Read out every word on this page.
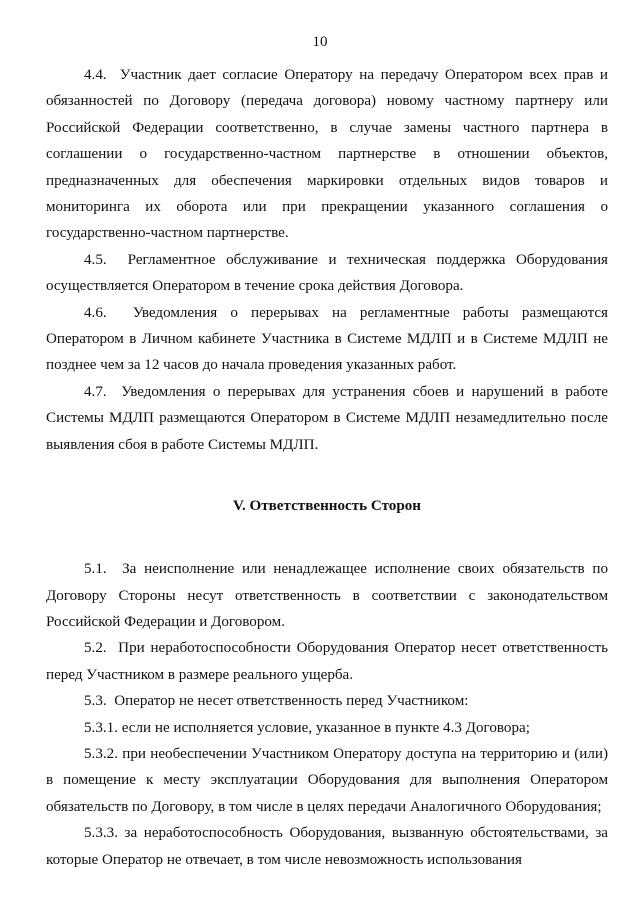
10

4.4.  Участник дает согласие Оператору на передачу Оператором всех прав и обязанностей по Договору (передача договора) новому частному партнеру или Российской Федерации соответственно, в случае замены частного партнера в соглашении о государственно-частном партнерстве в отношении объектов, предназначенных для обеспечения маркировки отдельных видов товаров и мониторинга их оборота или при прекращении указанного соглашения о государственно-частном партнерстве.

4.5.  Регламентное обслуживание и техническая поддержка Оборудования осуществляется Оператором в течение срока действия Договора.

4.6.  Уведомления о перерывах на регламентные работы размещаются Оператором в Личном кабинете Участника в Системе МДЛП и в Системе МДЛП не позднее чем за 12 часов до начала проведения указанных работ.

4.7.  Уведомления о перерывах для устранения сбоев и нарушений в работе Системы МДЛП размещаются Оператором в Системе МДЛП незамедлительно после выявления сбоя в работе Системы МДЛП.

V. Ответственность Сторон

5.1.  За неисполнение или ненадлежащее исполнение своих обязательств по Договору Стороны несут ответственность в соответствии с законодательством Российской Федерации и Договором.

5.2.  При неработоспособности Оборудования Оператор несет ответственность перед Участником в размере реального ущерба.

5.3.  Оператор не несет ответственность перед Участником:

5.3.1. если не исполняется условие, указанное в пункте 4.3 Договора;

5.3.2. при необеспечении Участником Оператору доступа на территорию и (или) в помещение к месту эксплуатации Оборудования для выполнения Оператором обязательств по Договору, в том числе в целях передачи Аналогичного Оборудования;

5.3.3. за неработоспособность Оборудования, вызванную обстоятельствами, за которые Оператор не отвечает, в том числе невозможность использования
